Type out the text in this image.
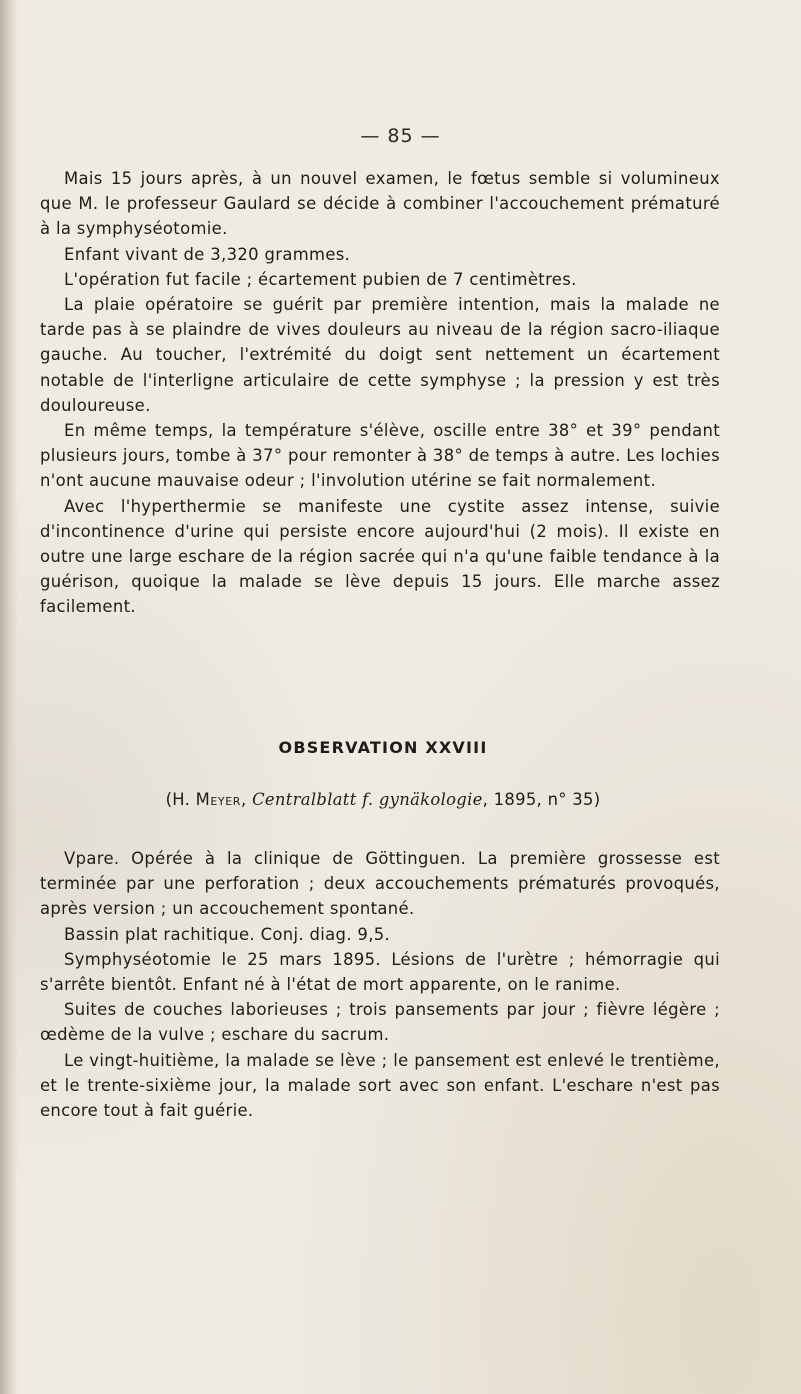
— 85 —

Mais 15 jours après, à un nouvel examen, le fœtus semble si volumineux que M. le professeur Gaulard se décide à combiner l'accouchement prématuré à la symphyséotomie.

Enfant vivant de 3,320 grammes.

L'opération fut facile ; écartement pubien de 7 centimètres.

La plaie opératoire se guérit par première intention, mais la malade ne tarde pas à se plaindre de vives douleurs au niveau de la région sacro-iliaque gauche. Au toucher, l'extrémité du doigt sent nettement un écartement notable de l'interligne articulaire de cette symphyse ; la pression y est très douloureuse.

En même temps, la température s'élève, oscille entre 38° et 39° pendant plusieurs jours, tombe à 37° pour remonter à 38° de temps à autre. Les lochies n'ont aucune mauvaise odeur ; l'involution utérine se fait normalement.

Avec l'hyperthermie se manifeste une cystite assez intense, suivie d'incontinence d'urine qui persiste encore aujourd'hui (2 mois). Il existe en outre une large eschare de la région sacrée qui n'a qu'une faible tendance à la guérison, quoique la malade se lève depuis 15 jours. Elle marche assez facilement.

OBSERVATION XXVIII
(H. Meyer, Centralblatt f. gynäkologie, 1895, n° 35)

Vpare. Opérée à la clinique de Göttinguen. La première grossesse est terminée par une perforation ; deux accouchements prématurés provoqués, après version ; un accouchement spontané.

Bassin plat rachitique. Conj. diag. 9,5.

Symphyséotomie le 25 mars 1895. Lésions de l'urètre ; hémorragie qui s'arrête bientôt. Enfant né à l'état de mort apparente, on le ranime.

Suites de couches laborieuses ; trois pansements par jour ; fièvre légère ; œdème de la vulve ; eschare du sacrum.

Le vingt-huitième, la malade se lève ; le pansement est enlevé le trentième, et le trente-sixième jour, la malade sort avec son enfant. L'eschare n'est pas encore tout à fait guérie.
